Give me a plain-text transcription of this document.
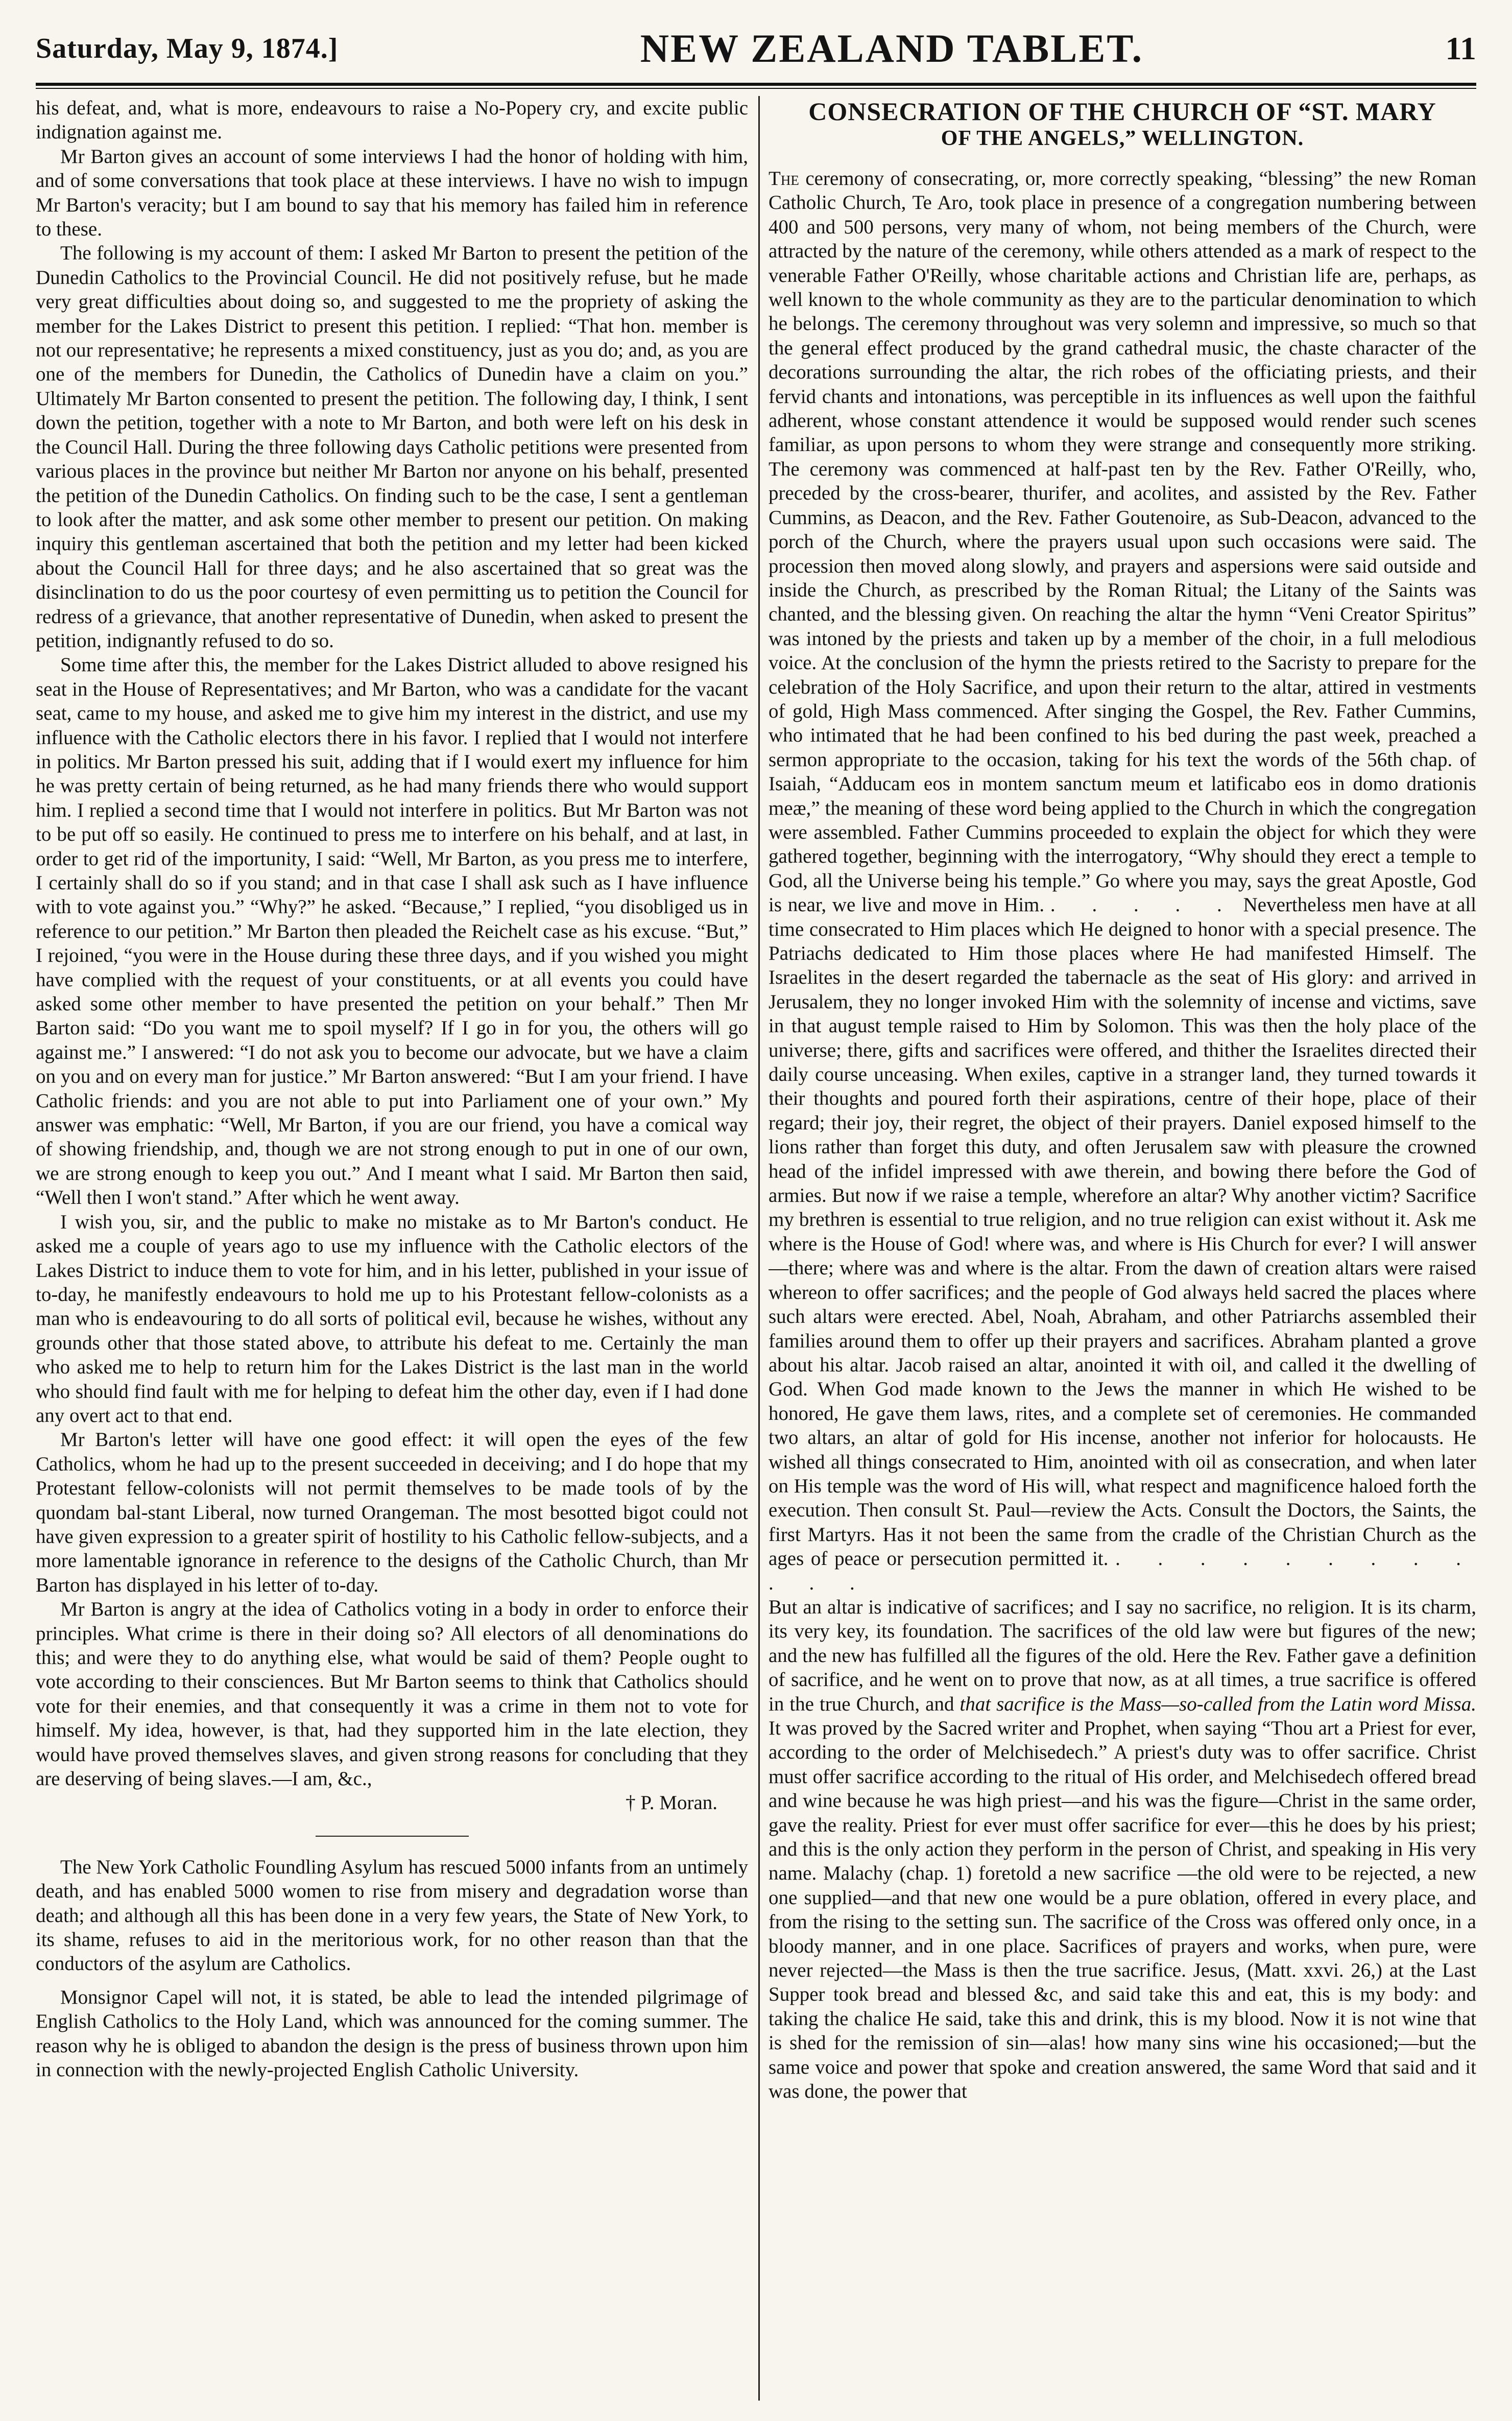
Saturday, May 9, 1874.]	NEW ZEALAND TABLET.	11

his defeat, and, what is more, endeavours to raise a No-Popery cry, and excite public indignation against me.

Mr Barton gives an account of some interviews I had the honor of holding with him, and of some conversations that took place at these interviews. I have no wish to impugn Mr Barton's veracity; but I am bound to say that his memory has failed him in reference to these.

The following is my account of them: I asked Mr Barton to present the petition of the Dunedin Catholics to the Provincial Council. He did not positively refuse, but he made very great difficulties about doing so, and suggested to me the propriety of asking the member for the Lakes District to present this petition. I replied: “That hon. member is not our representative; he represents a mixed constituency, just as you do; and, as you are one of the members for Dunedin, the Catholics of Dunedin have a claim on you.” Ultimately Mr Barton consented to present the petition. The following day, I think, I sent down the petition, together with a note to Mr Barton, and both were left on his desk in the Council Hall. During the three following days Catholic petitions were presented from various places in the province but neither Mr Barton nor anyone on his behalf, presented the petition of the Dunedin Catholics. On finding such to be the case, I sent a gentleman to look after the matter, and ask some other member to present our petition. On making inquiry this gentleman ascertained that both the petition and my letter had been kicked about the Council Hall for three days; and he also ascertained that so great was the disinclination to do us the poor courtesy of even permitting us to petition the Council for redress of a grievance, that another representative of Dunedin, when asked to present the petition, indignantly refused to do so.

Some time after this, the member for the Lakes District alluded to above resigned his seat in the House of Representatives; and Mr Barton, who was a candidate for the vacant seat, came to my house, and asked me to give him my interest in the district, and use my influence with the Catholic electors there in his favor. I replied that I would not interfere in politics. Mr Barton pressed his suit, adding that if I would exert my influence for him he was pretty certain of being returned, as he had many friends there who would support him. I replied a second time that I would not interfere in politics. But Mr Barton was not to be put off so easily. He continued to press me to interfere on his behalf, and at last, in order to get rid of the importunity, I said: “Well, Mr Barton, as you press me to interfere, I certainly shall do so if you stand; and in that case I shall ask such as I have influence with to vote against you.” “Why?” he asked. “Because,” I replied, “you disobliged us in reference to our petition.” Mr Barton then pleaded the Reichelt case as his excuse. “But,” I rejoined, “you were in the House during these three days, and if you wished you might have complied with the request of your constituents, or at all events you could have asked some other member to have presented the petition on your behalf.” Then Mr Barton said: “Do you want me to spoil myself? If I go in for you, the others will go against me.” I answered: “I do not ask you to become our advocate, but we have a claim on you and on every man for justice.” Mr Barton answered: “But I am your friend. I have Catholic friends: and you are not able to put into Parliament one of your own.” My answer was emphatic: “Well, Mr Barton, if you are our friend, you have a comical way of showing friendship, and, though we are not strong enough to put in one of our own, we are strong enough to keep you out.” And I meant what I said. Mr Barton then said, “Well then I won't stand.” After which he went away.

I wish you, sir, and the public to make no mistake as to Mr Barton's conduct. He asked me a couple of years ago to use my influence with the Catholic electors of the Lakes District to induce them to vote for him, and in his letter, published in your issue of to-day, he manifestly endeavours to hold me up to his Protestant fellow-colonists as a man who is endeavouring to do all sorts of political evil, because he wishes, without any grounds other that those stated above, to attribute his defeat to me. Certainly the man who asked me to help to return him for the Lakes District is the last man in the world who should find fault with me for helping to defeat him the other day, even if I had done any overt act to that end.

Mr Barton's letter will have one good effect: it will open the eyes of the few Catholics, whom he had up to the present succeeded in deceiving; and I do hope that my Protestant fellow-colonists will not permit themselves to be made tools of by the quondam bal-stant Liberal, now turned Orangeman. The most besotted bigot could not have given expression to a greater spirit of hostility to his Catholic fellow-subjects, and a more lamentable ignorance in reference to the designs of the Catholic Church, than Mr Barton has displayed in his letter of to-day.

Mr Barton is angry at the idea of Catholics voting in a body in order to enforce their principles. What crime is there in their doing so? All electors of all denominations do this; and were they to do anything else, what would be said of them? People ought to vote according to their consciences. But Mr Barton seems to think that Catholics should vote for their enemies, and that consequently it was a crime in them not to vote for himself. My idea, however, is that, had they supported him in the late election, they would have proved themselves slaves, and given strong reasons for concluding that they are deserving of being slaves.—I am, &c.,

† P. Moran.

The New York Catholic Foundling Asylum has rescued 5000 infants from an untimely death, and has enabled 5000 women to rise from misery and degradation worse than death; and although all this has been done in a very few years, the State of New York, to its shame, refuses to aid in the meritorious work, for no other reason than that the conductors of the asylum are Catholics.

Monsignor Capel will not, it is stated, be able to lead the intended pilgrimage of English Catholics to the Holy Land, which was announced for the coming summer. The reason why he is obliged to abandon the design is the press of business thrown upon him in connection with the newly-projected English Catholic University.

CONSECRATION OF THE CHURCH OF “ST. MARY
OF THE ANGELS,” WELLINGTON.

The ceremony of consecrating, or, more correctly speaking, “blessing” the new Roman Catholic Church, Te Aro, took place in presence of a congregation numbering between 400 and 500 persons, very many of whom, not being members of the Church, were attracted by the nature of the ceremony, while others attended as a mark of respect to the venerable Father O'Reilly, whose charitable actions and Christian life are, perhaps, as well known to the whole community as they are to the particular denomination to which he belongs. The ceremony throughout was very solemn and impressive, so much so that the general effect produced by the grand cathedral music, the chaste character of the decorations surrounding the altar, the rich robes of the officiating priests, and their fervid chants and intonations, was perceptible in its influences as well upon the faithful adherent, whose constant attendence it would be supposed would render such scenes familiar, as upon persons to whom they were strange and consequently more striking. The ceremony was commenced at half-past ten by the Rev. Father O'Reilly, who, preceded by the cross-bearer, thurifer, and acolites, and assisted by the Rev. Father Cummins, as Deacon, and the Rev. Father Goutenoire, as Sub-Deacon, advanced to the porch of the Church, where the prayers usual upon such occasions were said. The procession then moved along slowly, and prayers and aspersions were said outside and inside the Church, as prescribed by the Roman Ritual; the Litany of the Saints was chanted, and the blessing given. On reaching the altar the hymn “Veni Creator Spiritus” was intoned by the priests and taken up by a member of the choir, in a full melodious voice. At the conclusion of the hymn the priests retired to the Sacristy to prepare for the celebration of the Holy Sacrifice, and upon their return to the altar, attired in vestments of gold, High Mass commenced. After singing the Gospel, the Rev. Father Cummins, who intimated that he had been confined to his bed during the past week, preached a sermon appropriate to the occasion, taking for his text the words of the 56th chap. of Isaiah, “Adducam eos in montem sanctum meum et latificabo eos in domo drationis meæ,” the meaning of these word being applied to the Church in which the congregation were assembled. Father Cummins proceeded to explain the object for which they were gathered together, beginning with the interrogatory, “Why should they erect a temple to God, all the Universe being his temple.” Go where you may, says the great Apostle, God is near, we live and move in Him. . . . . . Nevertheless men have at all time consecrated to Him places which He deigned to honor with a special presence. The Patriachs dedicated to Him those places where He had manifested Himself. The Israelites in the desert regarded the tabernacle as the seat of His glory: and arrived in Jerusalem, they no longer invoked Him with the solemnity of incense and victims, save in that august temple raised to Him by Solomon. This was then the holy place of the universe; there, gifts and sacrifices were offered, and thither the Israelites directed their daily course unceasing. When exiles, captive in a stranger land, they turned towards it their thoughts and poured forth their aspirations, centre of their hope, place of their regard; their joy, their regret, the object of their prayers. Daniel exposed himself to the lions rather than forget this duty, and often Jerusalem saw with pleasure the crowned head of the infidel impressed with awe therein, and bowing there before the God of armies. But now if we raise a temple, wherefore an altar? Why another victim? Sacrifice my brethren is essential to true religion, and no true religion can exist without it. Ask me where is the House of God! where was, and where is His Church for ever? I will answer—there; where was and where is the altar. From the dawn of creation altars were raised whereon to offer sacrifices; and the people of God always held sacred the places where such altars were erected. Abel, Noah, Abraham, and other Patriarchs assembled their families around them to offer up their prayers and sacrifices. Abraham planted a grove about his altar. Jacob raised an altar, anointed it with oil, and called it the dwelling of God. When God made known to the Jews the manner in which He wished to be honored, He gave them laws, rites, and a complete set of ceremonies. He commanded two altars, an altar of gold for His incense, another not inferior for holocausts. He wished all things consecrated to Him, anointed with oil as consecration, and when later on His temple was the word of His will, what respect and magnificence haloed forth the execution. Then consult St. Paul—review the Acts. Consult the Doctors, the Saints, the first Martyrs. Has it not been the same from the cradle of the Christian Church as the ages of peace or persecution permitted it. . . . . . . . . . . . .

But an altar is indicative of sacrifices; and I say no sacrifice, no religion. It is its charm, its very key, its foundation. The sacrifices of the old law were but figures of the new; and the new has fulfilled all the figures of the old. Here the Rev. Father gave a definition of sacrifice, and he went on to prove that now, as at all times, a true sacrifice is offered in the true Church, and that sacrifice is the Mass—so-called from the Latin word Missa. It was proved by the Sacred writer and Prophet, when saying “Thou art a Priest for ever, according to the order of Melchisedech.” A priest's duty was to offer sacrifice. Christ must offer sacrifice according to the ritual of His order, and Melchisedech offered bread and wine because he was high priest—and his was the figure—Christ in the same order, gave the reality. Priest for ever must offer sacrifice for ever—this he does by his priest; and this is the only action they perform in the person of Christ, and speaking in His very name. Malachy (chap. 1) foretold a new sacrifice —the old were to be rejected, a new one supplied—and that new one would be a pure oblation, offered in every place, and from the rising to the setting sun. The sacrifice of the Cross was offered only once, in a bloody manner, and in one place. Sacrifices of prayers and works, when pure, were never rejected—the Mass is then the true sacrifice. Jesus, (Matt. xxvi. 26,) at the Last Supper took bread and blessed &c, and said take this and eat, this is my body: and taking the chalice He said, take this and drink, this is my blood. Now it is not wine that is shed for the remission of sin—alas! how many sins wine his occasioned;—but the same voice and power that spoke and creation answered, the same Word that said and it was done, the power that
